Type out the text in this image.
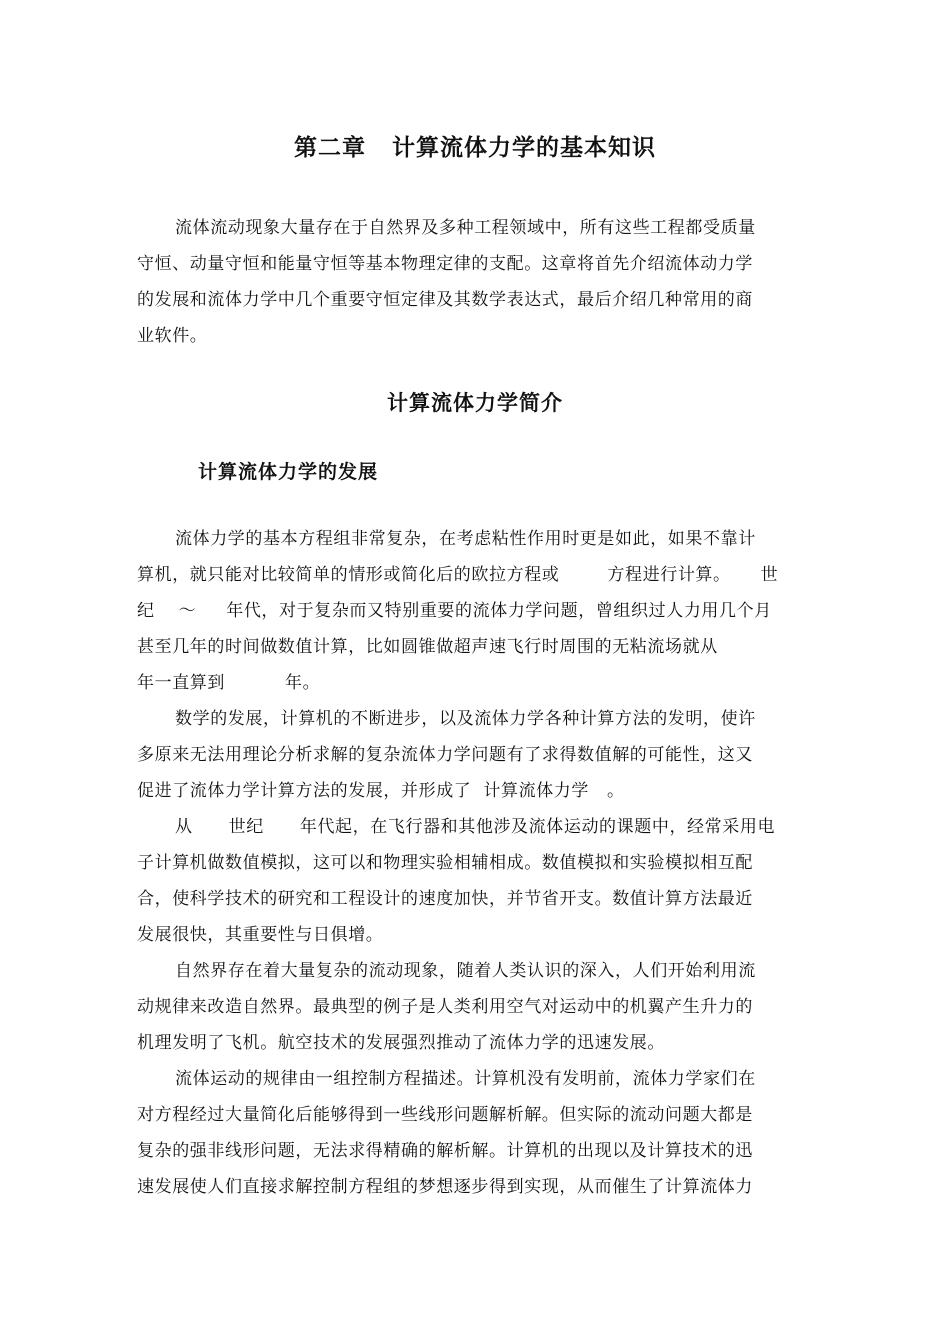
第二章 计算流体力学的基本知识
流体流动现象大量存在于自然界及多种工程领域中，所有这些工程都受质量
守恒、动量守恒和能量守恒等基本物理定律的支配。这章将首先介绍流体动力学
的发展和流体力学中几个重要守恒定律及其数学表达式，最后介绍几种常用的商
业软件。
计算流体力学简介
计算流体力学的发展
流体力学的基本方程组非常复杂，在考虑粘性作用时更是如此，如果不靠计
算机，就只能对比较简单的情形或简化后的欧拉方程或        方程进行计算。     世
纪    ～     年代，对于复杂而又特别重要的流体力学问题，曾组织过人力用几个月
甚至几年的时间做数值计算，比如圆锥做超声速飞行时周围的无粘流场就从
年一直算到          年。
数学的发展，计算机的不断进步，以及流体力学各种计算方法的发明，使许
多原来无法用理论分析求解的复杂流体力学问题有了求得数值解的可能性，这又
促进了流体力学计算方法的发展，并形成了  计算流体力学   。
从      世纪      年代起，在飞行器和其他涉及流体运动的课题中，经常采用电
子计算机做数值模拟，这可以和物理实验相辅相成。数值模拟和实验模拟相互配
合，使科学技术的研究和工程设计的速度加快，并节省开支。数值计算方法最近
发展很快，其重要性与日俱增。
自然界存在着大量复杂的流动现象，随着人类认识的深入，人们开始利用流
动规律来改造自然界。最典型的例子是人类利用空气对运动中的机翼产生升力的
机理发明了飞机。航空技术的发展强烈推动了流体力学的迅速发展。
流体运动的规律由一组控制方程描述。计算机没有发明前，流体力学家们在
对方程经过大量简化后能够得到一些线形问题解析解。但实际的流动问题大都是
复杂的强非线形问题，无法求得精确的解析解。计算机的出现以及计算技术的迅
速发展使人们直接求解控制方程组的梦想逐步得到实现，从而催生了计算流体力
